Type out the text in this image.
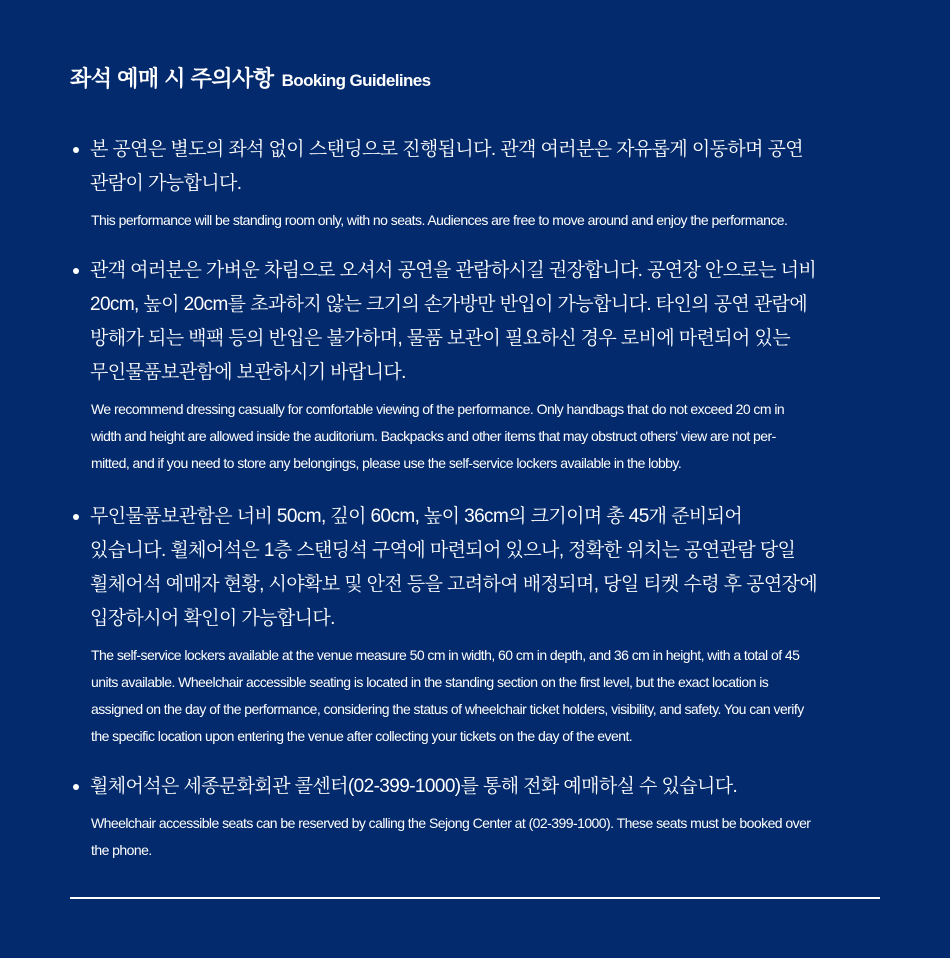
좌석 예매 시 주의사항 Booking Guidelines
본 공연은 별도의 좌석 없이 스탠딩으로 진행됩니다. 관객 여러분은 자유롭게 이동하며 공연
관람이 가능합니다.
This performance will be standing room only, with no seats. Audiences are free to move around and enjoy the performance.
관객 여러분은 가벼운 차림으로 오셔서 공연을 관람하시길 권장합니다. 공연장 안으로는 너비
20cm, 높이 20cm를 초과하지 않는 크기의 손가방만 반입이 가능합니다. 타인의 공연 관람에
방해가 되는 백팩 등의 반입은 불가하며, 물품 보관이 필요하신 경우 로비에 마련되어 있는
무인물품보관함에 보관하시기 바랍니다.
We recommend dressing casually for comfortable viewing of the performance. Only handbags that do not exceed 20 cm in
width and height are allowed inside the auditorium. Backpacks and other items that may obstruct others' view are not per-
mitted, and if you need to store any belongings, please use the self-service lockers available in the lobby.
무인물품보관함은 너비 50cm, 깊이 60cm, 높이 36cm의 크기이며 총 45개 준비되어
있습니다. 휠체어석은 1층 스탠딩석 구역에 마련되어 있으나, 정확한 위치는 공연관람 당일
휠체어석 예매자 현황, 시야확보 및 안전 등을 고려하여 배정되며, 당일 티켓 수령 후 공연장에
입장하시어 확인이 가능합니다.
The self-service lockers available at the venue measure 50 cm in width, 60 cm in depth, and 36 cm in height, with a total of 45
units available. Wheelchair accessible seating is located in the standing section on the first level, but the exact location is
assigned on the day of the performance, considering the status of wheelchair ticket holders, visibility, and safety. You can verify
the specific location upon entering the venue after collecting your tickets on the day of the event.
휠체어석은 세종문화회관 콜센터(02-399-1000)를 통해 전화 예매하실 수 있습니다.
Wheelchair accessible seats can be reserved by calling the Sejong Center at (02-399-1000). These seats must be booked over
the phone.
